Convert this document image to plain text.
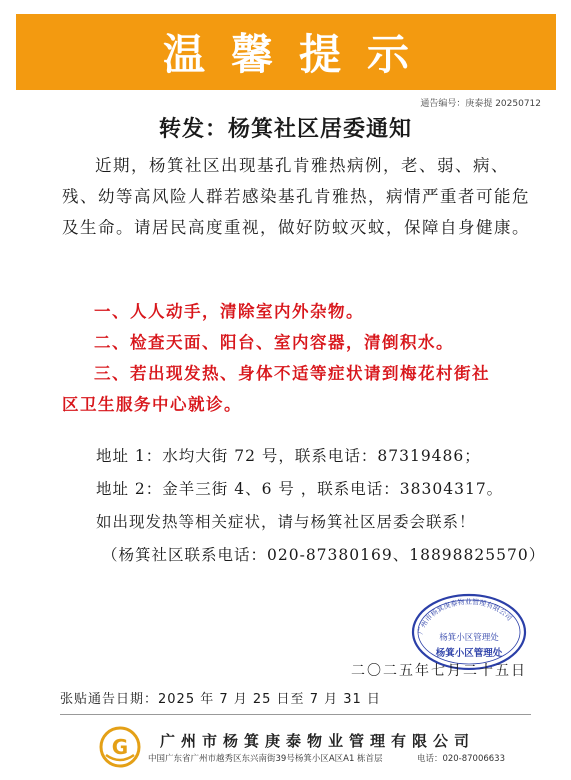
温馨提示
通告编号：庚泰提 20250712
转发：杨箕社区居委通知
近期，杨箕社区出现基孔肯雅热病例，老、弱、病、残、幼等高风险人群若感染基孔肯雅热，病情严重者可能危及生命。请居民高度重视，做好防蚊灭蚊，保障自身健康。
一、人人动手，清除室内外杂物。
二、检查天面、阳台、室内容器，清倒积水。
三、若出现发热、身体不适等症状请到梅花村街社
区卫生服务中心就诊。
地址 1：水均大街 72 号，联系电话：87319486；
地址 2：金羊三街 4、6 号 ，联系电话：38304317。
如出现发热等相关症状，请与杨箕社区居委会联系！
（杨箕社区联系电话：020-87380169、18898825570）
广州市杨箕庚泰物业管理有限公司
杨箕小区管理处
杨箕小区管理处
二〇二五年七月二十五日
张贴通告日期：2025 年 7 月 25 日至 7 月 31 日
G 广州市杨箕庚泰物业管理有限公司
中国广东省广州市越秀区东兴南街39号杨箕小区A区A1 栋首层	电话：020-87006633
